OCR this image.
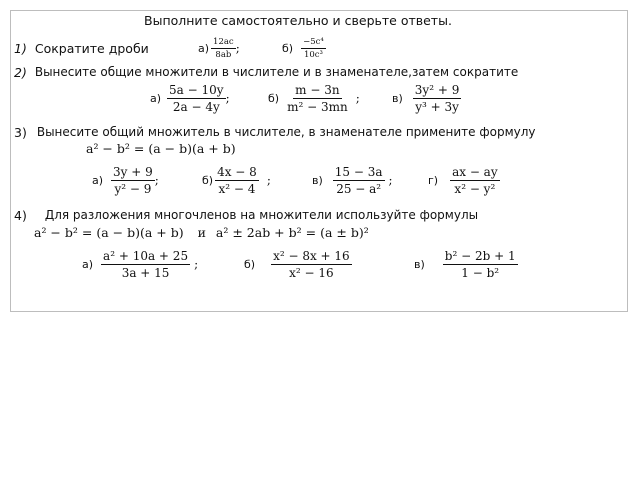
Выполните самостоятельно и сверьте ответы.
1) Сократите дроби	$а) \frac{12ac}{8ab}$ ;	$б) \frac{\text{−5c⁴}}{\text{10c³}}$
2) Вынесите общие множители в числителе и в знаменателе,затем сократите
$а) \frac{5a - 10y}{2a - 4y}$ ;	$б) \frac{m - 3n}{\text{m² − 3mn}}$ ;	$в) \frac{\text{3y² + 9}}{\text{y³ + 3y}}$
3) Вынесите общий множитель в числителе, в знаменателе примените формулу
a² − b² = (a − b)(a + b)
$а) \frac{3y + 9}{\text{y² − 9}}$ ;	$б) \frac{4x - 8}{\text{x² − 4}}$ ;	$в) \frac{15 - 3a}{\text{25 − a²}}$ ;	$г) \frac{ax - ay}{\text{x² − y²}}$
4) Для разложения многочленов на множители используйте формулы
a² − b² = (a − b)(a + b) и a² ± 2ab + b² = (a ± b)²
$а) \frac{\text{a² + 10a + 25}}{3a + 15}$ ;	$б) \frac{\text{x² − 8x + 16}}{\text{x² − 16}}$	$в) \frac{\text{b² − 2b + 1}}{\text{1 − b²}}$
